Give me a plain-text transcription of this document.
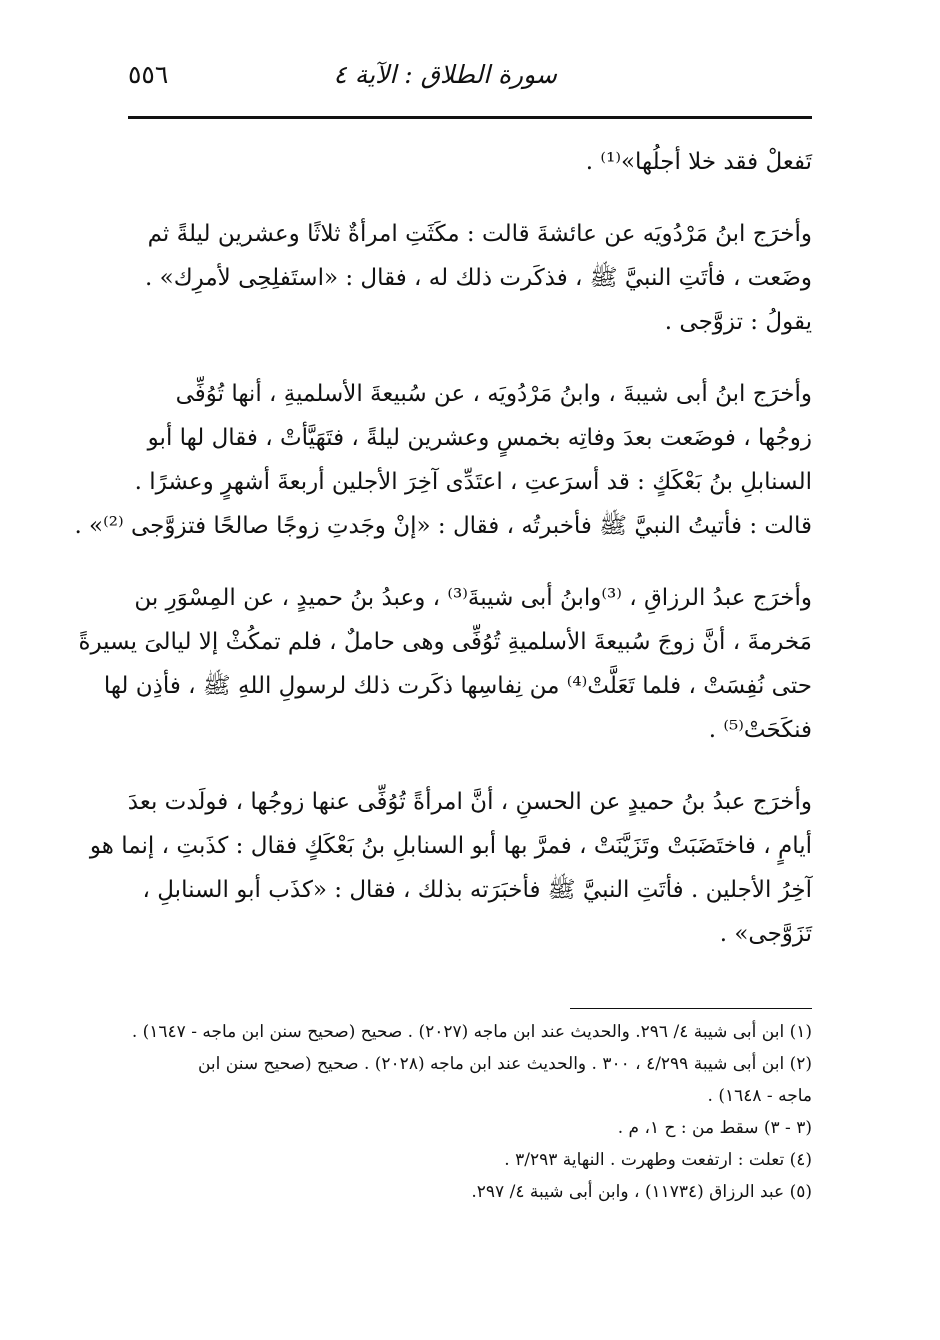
سورة الطلاق : الآية ٤
٥٥٦
تَفعلْ فقد خلا أجلُها»⁽¹⁾ .
وأخرَج ابنُ مَرْدُويَه عن عائشةَ قالت : مكَثَتِ امرأةٌ ثلاثًا وعشرين ليلةً ثم
وضَعت ، فأتَتِ النبيَّ ﷺ ، فذكَرت ذلك له ، فقال : «استَفلِحِى لأمرِك» .
يقولُ : تزوَّجى .
وأخرَج ابنُ أبى شيبةَ ، وابنُ مَرْدُويَه ، عن سُبيعةَ الأسلميةِ ، أنها تُوُفِّى
زوجُها ، فوضَعت بعدَ وفاتِه بخمسٍ وعشرين ليلةً ، فتَهَيَّأتْ ، فقال لها أبو
السنابلِ بنُ بَعْكَكٍ : قد أسرَعتِ ، اعتَدِّى آخِرَ الأجلين أربعةَ أشهرٍ وعشرًا .
قالت : فأتيتُ النبيَّ ﷺ فأخبرتُه ، فقال : «إنْ وجَدتِ زوجًا صالحًا فتزوَّجى ⁽²⁾» .
وأخرَج عبدُ الرزاقِ ، ⁽³⁾وابنُ أبى شيبةَ⁽³⁾ ، وعبدُ بنُ حميدٍ ، عن المِسْوَرِ بن
مَخرمةَ ، أنَّ زوجَ سُبيعةَ الأسلميةِ تُوُفِّى وهى حاملٌ ، فلم تمكُثْ إلا ليالىَ يسيرةً
حتى نُفِسَتْ ، فلما تَعَلَّتْ⁽⁴⁾ من نِفاسِها ذكَرت ذلك لرسولِ اللهِ ﷺ ، فأذِن لها
فنكَحَتْ⁽⁵⁾ .
وأخرَج عبدُ بنُ حميدٍ عن الحسنِ ، أنَّ امرأةً تُوُفِّى عنها زوجُها ، فولَدت بعدَ
أيامٍ ، فاختَضَبَتْ وتَزَيَّنَتْ ، فمرَّ بها أبو السنابلِ بنُ بَعْكَكٍ فقال : كذَبتِ ، إنما هو
آخِرُ الأجلين . فأتَتِ النبيَّ ﷺ فأخبَرَته بذلك ، فقال : «كذَب أبو السنابلِ ،
تَزَوَّجى» .
(١) ابن أبى شيبة ٤/ ٢٩٦. والحديث عند ابن ماجه (٢٠٢٧) . صحيح (صحيح سنن ابن ماجه - ١٦٤٧) .
(٢) ابن أبى شيبة ٤/٢٩٩ ، ٣٠٠ . والحديث عند ابن ماجه (٢٠٢٨) . صحيح (صحيح سنن ابن
ماجه - ١٦٤٨) .
(٣ - ٣) سقط من : ح ١، م .
(٤) تعلت : ارتفعت وطهرت . النهاية ٣/٢٩٣ .
(٥) عبد الرزاق (١١٧٣٤) ، وابن أبى شيبة ٤/ ٢٩٧.
